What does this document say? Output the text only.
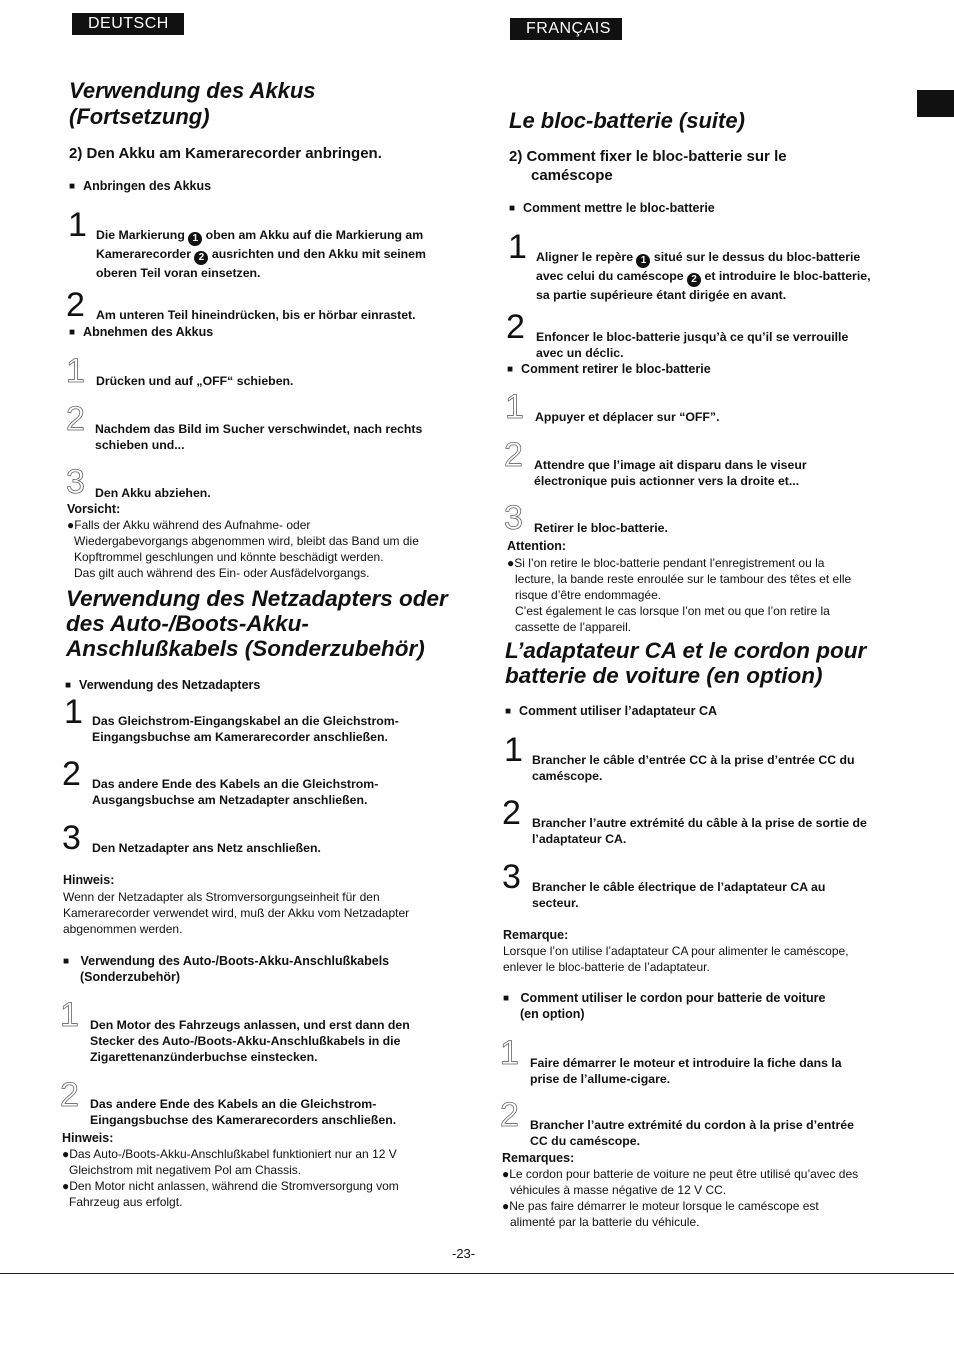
DEUTSCH
Verwendung des Akkus
(Fortsetzung)
2) Den Akku am Kamerarecorder anbringen.
■ Anbringen des Akkus
1 Die Markierung 1 oben am Akku auf die Markierung am
Kamerarecorder 2 ausrichten und den Akku mit seinem
oberen Teil voran einsetzen.
2 Am unteren Teil hineindrücken, bis er hörbar einrastet.
■ Abnehmen des Akkus
1 Drücken und auf „OFF“ schieben.
2 Nachdem das Bild im Sucher verschwindet, nach rechts
schieben und...
3 Den Akku abziehen.
Vorsicht:
●Falls der Akku während des Aufnahme- oder
Wiedergabevorgangs abgenommen wird, bleibt das Band um die
Kopftrommel geschlungen und könnte beschädigt werden.
Das gilt auch während des Ein- oder Ausfädelvorgangs.
Verwendung des Netzadapters oder
des Auto-/Boots-Akku-
Anschlußkabels (Sonderzubehör)
■ Verwendung des Netzadapters
1 Das Gleichstrom-Eingangskabel an die Gleichstrom-
Eingangsbuchse am Kamerarecorder anschließen.
2 Das andere Ende des Kabels an die Gleichstrom-
Ausgangsbuchse am Netzadapter anschließen.
3 Den Netzadapter ans Netz anschließen.
Hinweis:
Wenn der Netzadapter als Stromversorgungseinheit für den
Kamerarecorder verwendet wird, muß der Akku vom Netzadapter
abgenommen werden.
■ Verwendung des Auto-/Boots-Akku-Anschlußkabels
(Sonderzubehör)
1 Den Motor des Fahrzeugs anlassen, und erst dann den
Stecker des Auto-/Boots-Akku-Anschlußkabels in die
Zigarettenanzünderbuchse einstecken.
2 Das andere Ende des Kabels an die Gleichstrom-
Eingangsbuchse des Kamerarecorders anschließen.
Hinweis:
●Das Auto-/Boots-Akku-Anschlußkabel funktioniert nur an 12 V
Gleichstrom mit negativem Pol am Chassis.
●Den Motor nicht anlassen, während die Stromversorgung vom
Fahrzeug aus erfolgt.
FRANÇAIS
Le bloc-batterie (suite)
2) Comment fixer le bloc-batterie sur le
caméscope
■ Comment mettre le bloc-batterie
1 Aligner le repère 1 situé sur le dessus du bloc-batterie
avec celui du caméscope 2 et introduire le bloc-batterie,
sa partie supérieure étant dirigée en avant.
2 Enfoncer le bloc-batterie jusqu’à ce qu’il se verrouille
avec un déclic.
■ Comment retirer le bloc-batterie
1 Appuyer et déplacer sur “OFF”.
2 Attendre que l’image ait disparu dans le viseur
électronique puis actionner vers la droite et...
3 Retirer le bloc-batterie.
Attention:
●Si l’on retire le bloc-batterie pendant l’enregistrement ou la
lecture, la bande reste enroulée sur le tambour des têtes et elle
risque d’être endommagée.
C’est également le cas lorsque l’on met ou que l’on retire la
cassette de l’appareil.
L’adaptateur CA et le cordon pour
batterie de voiture (en option)
■ Comment utiliser l’adaptateur CA
1 Brancher le câble d’entrée CC à la prise d’entrée CC du
caméscope.
2 Brancher l’autre extrémité du câble à la prise de sortie de
l’adaptateur CA.
3 Brancher le câble électrique de l’adaptateur CA au
secteur.
Remarque:
Lorsque l’on utilise l’adaptateur CA pour alimenter le caméscope,
enlever le bloc-batterie de l’adaptateur.
■ Comment utiliser le cordon pour batterie de voiture
(en option)
1 Faire démarrer le moteur et introduire la fiche dans la
prise de l’allume-cigare.
2 Brancher l’autre extrémité du cordon à la prise d’entrée
CC du caméscope.
Remarques:
●Le cordon pour batterie de voiture ne peut être utilisé qu’avec des
véhicules à masse négative de 12 V CC.
●Ne pas faire démarrer le moteur lorsque le caméscope est
alimenté par la batterie du véhicule.
-23-
